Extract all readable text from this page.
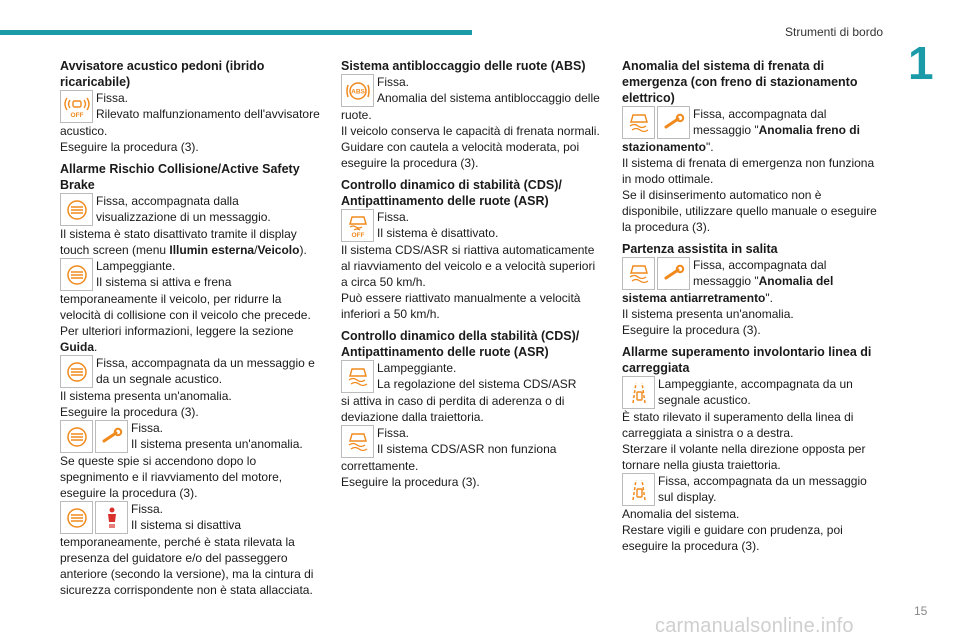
Strumenti di bordo
1
Avvisatore acustico pedoni (ibrido ricaricabile)
OFF
Fissa.
Rilevato malfunzionamento dell'avvisatore
acustico.
Eseguire la procedura (3).
Allarme Rischio Collisione/Active Safety Brake
Fissa, accompagnata dalla
visualizzazione di un messaggio.
Il sistema è stato disattivato tramite il display touch screen (menu Illumin esterna/Veicolo).
Lampeggiante.
Il sistema si attiva e frena
temporaneamente il veicolo, per ridurre la velocità di collisione con il veicolo che precede.
Per ulteriori informazioni, leggere la sezione Guida.
Fissa, accompagnata da un messaggio e
da un segnale acustico.
Il sistema presenta un'anomalia.
Eseguire la procedura (3).
Fissa.
Il sistema presenta un'anomalia.
Se queste spie si accendono dopo lo spegnimento e il riavviamento del motore, eseguire la procedura (3).
Fissa.
Il sistema si disattiva
temporaneamente, perché è stata rilevata la presenza del guidatore e/o del passeggero anteriore (secondo la versione), ma la cintura di sicurezza corrispondente non è stata allacciata.
Sistema antibloccaggio delle ruote (ABS)
ABS
Fissa.
Anomalia del sistema antibloccaggio delle
ruote.
Il veicolo conserva le capacità di frenata normali. Guidare con cautela a velocità moderata, poi eseguire la procedura (3).
Controllo dinamico di stabilità (CDS)/ Antipattinamento delle ruote (ASR)
OFF
Fissa.
Il sistema è disattivato.
Il sistema CDS/ASR si riattiva automaticamente al riavviamento del veicolo e a velocità superiori a circa 50 km/h.
Può essere riattivato manualmente a velocità inferiori a 50 km/h.
Controllo dinamico della stabilità (CDS)/ Antipattinamento delle ruote (ASR)
Lampeggiante.
La regolazione del sistema CDS/ASR
si attiva in caso di perdita di aderenza o di deviazione dalla traiettoria.
Fissa.
Il sistema CDS/ASR non funziona
correttamente.
Eseguire la procedura (3).
Anomalia del sistema di frenata di emergenza (con freno di stazionamento elettrico)
Fissa, accompagnata dal
messaggio "Anomalia freno di
stazionamento".
Il sistema di frenata di emergenza non funziona in modo ottimale.
Se il disinserimento automatico non è disponibile, utilizzare quello manuale o eseguire la procedura (3).
Partenza assistita in salita
Fissa, accompagnata dal
messaggio "Anomalia del
sistema antiarretramento".
Il sistema presenta un'anomalia.
Eseguire la procedura (3).
Allarme superamento involontario linea di carreggiata
Lampeggiante, accompagnata da un
segnale acustico.
È stato rilevato il superamento della linea di carreggiata a sinistra o a destra.
Sterzare il volante nella direzione opposta per tornare nella giusta traiettoria.
Fissa, accompagnata da un messaggio
sul display.
Anomalia del sistema.
Restare vigili e guidare con prudenza, poi eseguire la procedura (3).
15
carmanualsonline.info
